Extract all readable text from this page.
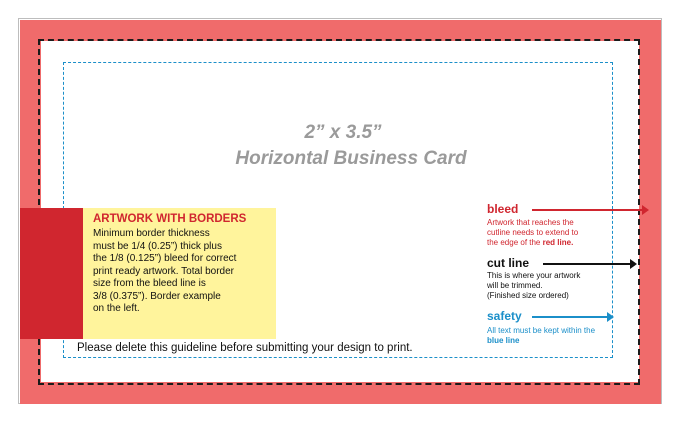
2” x 3.5”
Horizontal Business Card
ARTWORK WITH BORDERS
Minimum border thickness
must be 1/4 (0.25”) thick plus
the 1/8 (0.125”) bleed for correct
print ready artwork. Total border
size from the bleed line is
3/8 (0.375”). Border example
on the left.
Please delete this guideline before submitting your design to print.
bleed
Artwork that reaches the
cutline needs to extend to
the edge of the red line.
cut line
This is where your artwork
will be trimmed.
(Finished size ordered)
safety
All text must be kept within the
blue line
